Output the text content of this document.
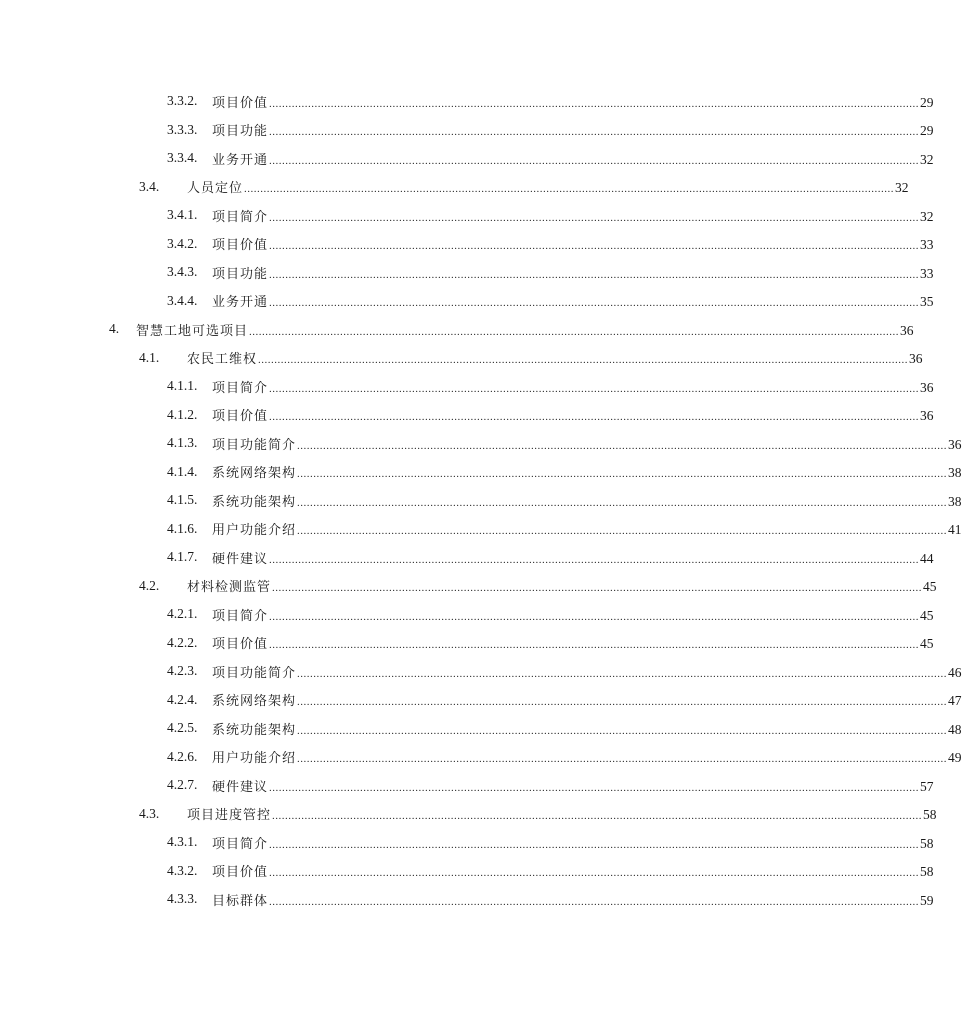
3.3.2. 项目价值 ........................................................................................................................................................................................................ 29
3.3.3. 项目功能 ........................................................................................................................................................................................................ 29
3.3.4. 业务开通 ........................................................................................................................................................................................................ 32
3.4. 人员定位 ........................................................................................................................................................................................................ 32
3.4.1. 项目简介 ........................................................................................................................................................................................................ 32
3.4.2. 项目价值 ........................................................................................................................................................................................................ 33
3.4.3. 项目功能 ........................................................................................................................................................................................................ 33
3.4.4. 业务开通 ........................................................................................................................................................................................................ 35
4. 智慧工地可选项目 ........................................................................................................................................................................................................ 36
4.1. 农民工维权 ........................................................................................................................................................................................................ 36
4.1.1. 项目简介 ........................................................................................................................................................................................................ 36
4.1.2. 项目价值 ........................................................................................................................................................................................................ 36
4.1.3. 项目功能简介 ........................................................................................................................................................................................................ 36
4.1.4. 系统网络架构 ........................................................................................................................................................................................................ 38
4.1.5. 系统功能架构 ........................................................................................................................................................................................................ 38
4.1.6. 用户功能介绍 ........................................................................................................................................................................................................ 41
4.1.7. 硬件建议 ........................................................................................................................................................................................................ 44
4.2. 材料检测监管 ........................................................................................................................................................................................................ 45
4.2.1. 项目简介 ........................................................................................................................................................................................................ 45
4.2.2. 项目价值 ........................................................................................................................................................................................................ 45
4.2.3. 项目功能简介 ........................................................................................................................................................................................................ 46
4.2.4. 系统网络架构 ........................................................................................................................................................................................................ 47
4.2.5. 系统功能架构 ........................................................................................................................................................................................................ 48
4.2.6. 用户功能介绍 ........................................................................................................................................................................................................ 49
4.2.7. 硬件建议 ........................................................................................................................................................................................................ 57
4.3. 项目进度管控 ........................................................................................................................................................................................................ 58
4.3.1. 项目简介 ........................................................................................................................................................................................................ 58
4.3.2. 项目价值 ........................................................................................................................................................................................................ 58
4.3.3. 目标群体 ........................................................................................................................................................................................................ 59
